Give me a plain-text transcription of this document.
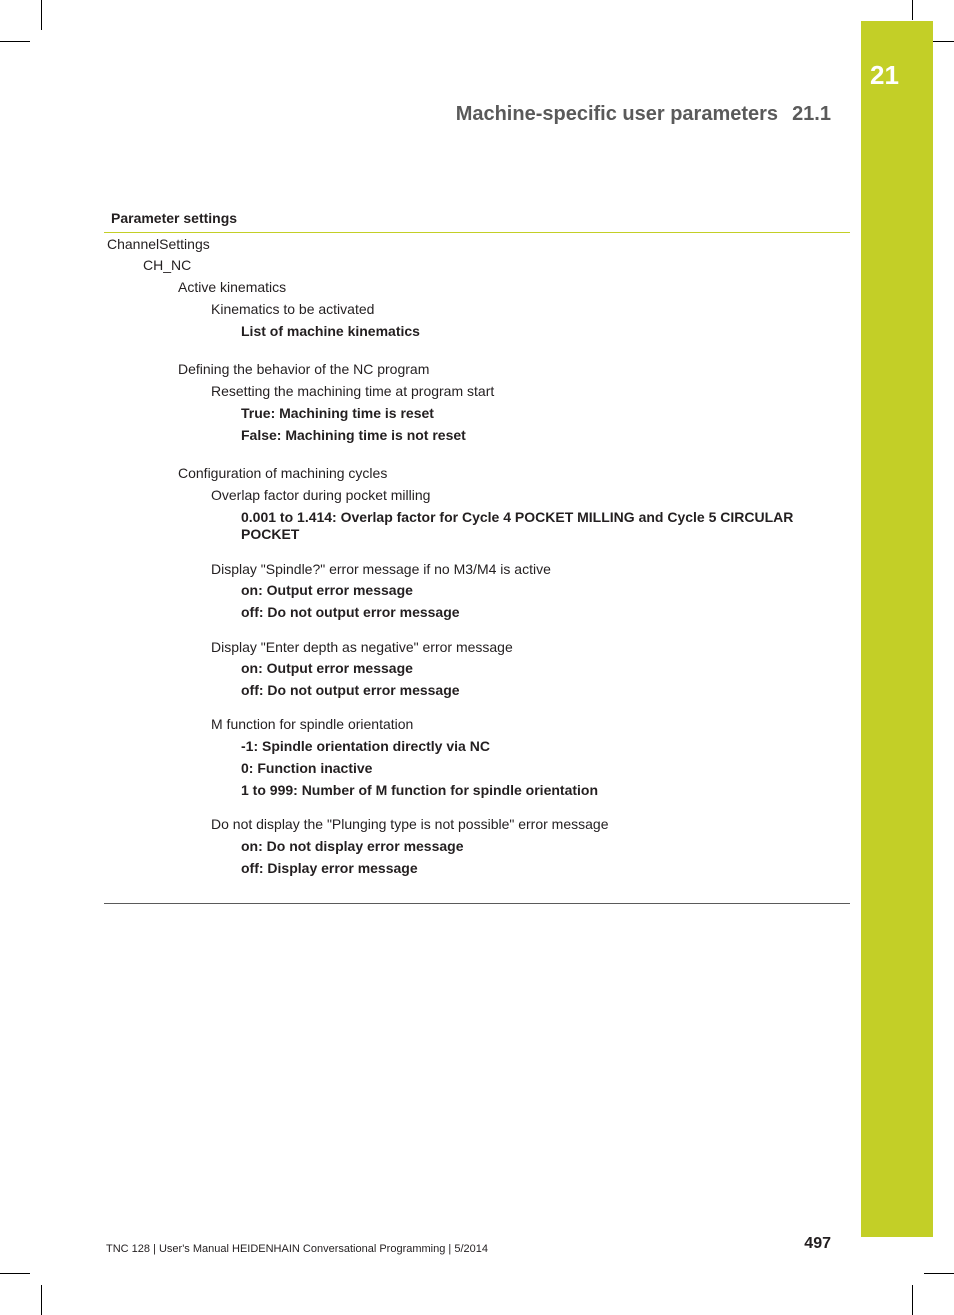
21
Machine-specific user parameters 21.1
Parameter settings
ChannelSettings
CH_NC
Active kinematics
Kinematics to be activated
List of machine kinematics
Defining the behavior of the NC program
Resetting the machining time at program start
True: Machining time is reset
False: Machining time is not reset
Configuration of machining cycles
Overlap factor during pocket milling
0.001 to 1.414: Overlap factor for Cycle 4 POCKET MILLING and Cycle 5 CIRCULAR POCKET
Display "Spindle?" error message if no M3/M4 is active
on: Output error message
off: Do not output error message
Display "Enter depth as negative" error message
on: Output error message
off: Do not output error message
M function for spindle orientation
-1: Spindle orientation directly via NC
0: Function inactive
1 to 999: Number of M function for spindle orientation
Do not display the "Plunging type is not possible" error message
on: Do not display error message
off: Display error message
TNC 128 | User's Manual HEIDENHAIN Conversational Programming | 5/2014	497
